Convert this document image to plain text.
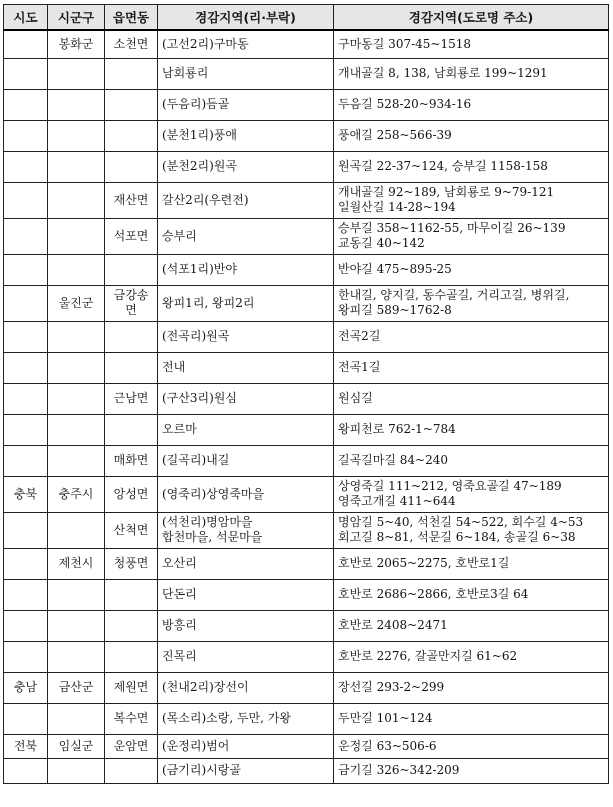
시도	시군구	읍면동	경감지역(리·부락)	경감지역(도로명 주소)
	봉화군	소천면	(고선2리)구마동	구마동길 307-45~1518
			남회룡리	개내골길 8, 138, 남회룡로 199~1291
			(두음리)듬골	두음길 528-20~934-16
			(분천1리)풍애	풍애길 258~566-39
			(분천2리)원곡	원곡길 22-37~124, 승부길 1158-158
		재산면	갈산2리(우련전)	개내골길 92~189, 남회룡로 9~79-121
일월산길 14-28~194
		석포면	승부리	승부길 358~1162-55, 마무이길 26~139
교동길 40~142
			(석포1리)반야	반야길 475~895-25
	울진군	금강송
면	왕피1리, 왕피2리	한내길, 양지길, 동수골길, 거리고길, 병위길,
왕피길 589~1762-8
			(전곡리)원곡	전곡2길
			전내	전곡1길
		근남면	(구산3리)원심	원심길
			오르마	왕피천로 762-1~784
		매화면	(길곡리)내길	길곡길마길 84~240
충북	충주시	앙성면	(영죽리)상영죽마을	상영죽길 111~212, 영죽요골길 47~189
영죽고개길 411~644
		산척면	(석천리)명암마을
합천마을, 석문마을	명암길 5~40, 석천길 54~522, 회수길 4~53
회고길 8~81, 석문길 6~184, 송골길 6~38
	제천시	청풍면	오산리	호반로 2065~2275, 호반로1길
			단돈리	호반로 2686~2866, 호반로3길 64
			방흥리	호반로 2408~2471
			진목리	호반로 2276, 갈골만지길 61~62
충남	금산군	제원면	(천내2리)장선이	장선길 293-2~299
		복수면	(목소리)소랑, 두만, 가왕	두만길 101~124
전북	임실군	운암면	(운정리)범어	운정길 63~506-6
			(금기리)시랑골	금기길 326~342-209
